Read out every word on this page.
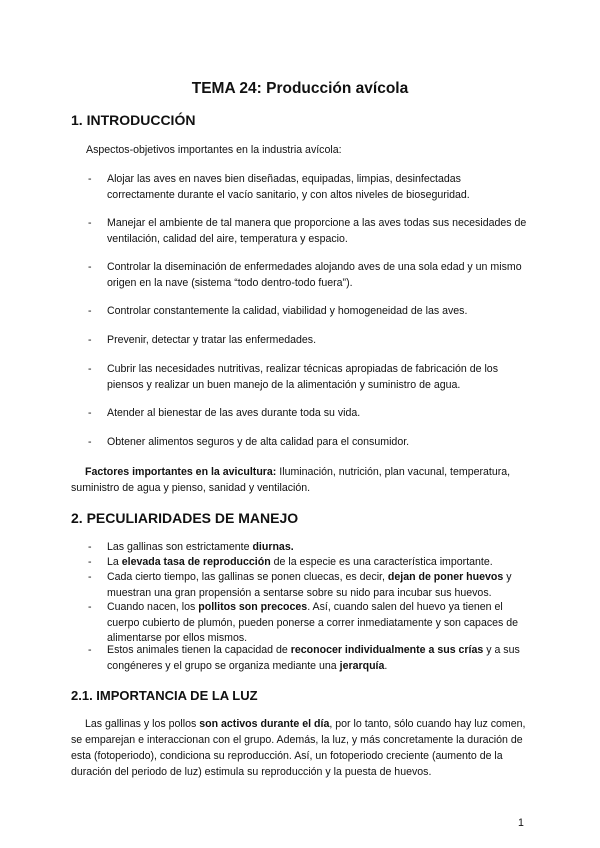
TEMA 24: Producción avícola
1. INTRODUCCIÓN

Aspectos-objetivos importantes en la industria avícola:

-	Alojar las aves en naves bien diseñadas, equipadas, limpias, desinfectadas correctamente durante el vacío sanitario, y con altos niveles de bioseguridad.
-	Manejar el ambiente de tal manera que proporcione a las aves todas sus necesidades de ventilación, calidad del aire, temperatura y espacio.
-	Controlar la diseminación de enfermedades alojando aves de una sola edad y un mismo origen en la nave (sistema “todo dentro-todo fuera”).
-	Controlar constantemente la calidad, viabilidad y homogeneidad de las aves.
-	Prevenir, detectar y tratar las enfermedades.
-	Cubrir las necesidades nutritivas, realizar técnicas apropiadas de fabricación de los piensos y realizar un buen manejo de la alimentación y suministro de agua.
-	Atender al bienestar de las aves durante toda su vida.
-	Obtener alimentos seguros y de alta calidad para el consumidor.

Factores importantes en la avicultura: Iluminación, nutrición, plan vacunal, temperatura, suministro de agua y pienso, sanidad y ventilación.

2. PECULIARIDADES DE MANEJO
-	Las gallinas son estrictamente diurnas.
-	La elevada tasa de reproducción de la especie es una característica importante.
-	Cada cierto tiempo, las gallinas se ponen cluecas, es decir, dejan de poner huevos y muestran una gran propensión a sentarse sobre su nido para incubar sus huevos.
-	Cuando nacen, los pollitos son precoces. Así, cuando salen del huevo ya tienen el cuerpo cubierto de plumón, pueden ponerse a correr inmediatamente y son capaces de alimentarse por ellos mismos.
-	Estos animales tienen la capacidad de reconocer individualmente a sus crías y a sus congéneres y el grupo se organiza mediante una jerarquía.
2.1. IMPORTANCIA DE LA LUZ

Las gallinas y los pollos son activos durante el día, por lo tanto, sólo cuando hay luz comen, se emparejan e interaccionan con el grupo. Además, la luz, y más concretamente la duración de esta (fotoperiodo), condiciona su reproducción. Así, un fotoperiodo creciente (aumento de la duración del periodo de luz) estimula su reproducción y la puesta de huevos.

1
